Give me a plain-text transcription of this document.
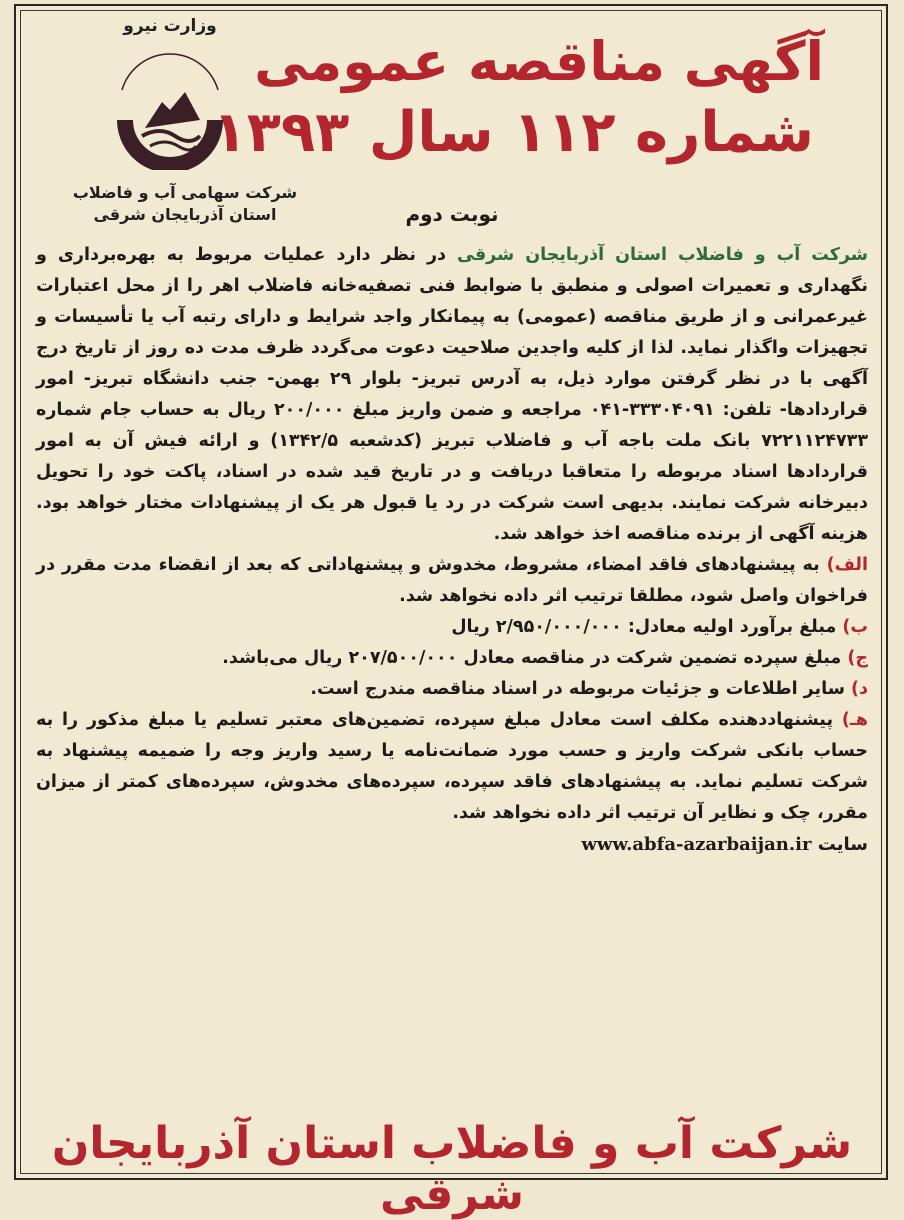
آگهی مناقصه عمومی
شماره ۱۱۲ سال ۱۳۹۳
وزارت نیرو
شرکت سهامی آب و فاضلاب
استان آذربایجان شرقی	نوبت دوم

شرکت آب و فاضلاب استان آذربایجان شرقی در نظر دارد عملیات مربوط به بهره‌برداری و نگهداری و تعمیرات اصولی و منطبق با ضوابط فنی تصفیه‌خانه فاضلاب اهر را از محل اعتبارات غیرعمرانی و از طریق مناقصه (عمومی) به پیمانکار واجد شرایط و دارای رتبه آب یا تأسیسات و تجهیزات واگذار نماید. لذا از کلیه واجدین صلاحیت دعوت می‌گردد ظرف مدت ده روز از تاریخ درج آگهی با در نظر گرفتن موارد ذیل، به آدرس تبریز- بلوار ۲۹ بهمن- جنب دانشگاه تبریز- امور قراردادها- تلفن: ۳۳۳۰۴۰۹۱-۰۴۱ مراجعه و ضمن واریز مبلغ ۲۰۰/۰۰۰ ریال به حساب جام شماره ۷۲۲۱۱۲۴۷۳۳ بانک ملت باجه آب و فاضلاب تبریز (کدشعبه ۱۳۴۲/۵) و ارائه فیش آن به امور قراردادها اسناد مربوطه را متعاقبا دریافت و در تاریخ قید شده در اسناد، پاکت خود را تحویل دبیرخانه شرکت نمایند. بدیهی است شرکت در رد یا قبول هر یک از پیشنهادات مختار خواهد بود. هزینه آگهی از برنده مناقصه اخذ خواهد شد.

الف) به پیشنهادهای فاقد امضاء، مشروط، مخدوش و پیشنهاداتی که بعد از انقضاء مدت مقرر در فراخوان واصل شود، مطلقا ترتیب اثر داده نخواهد شد.

ب) مبلغ برآورد اولیه معادل: ۲/۹۵۰/۰۰۰/۰۰۰ ریال

ج) مبلغ سپرده تضمین شرکت در مناقصه معادل ۲۰۷/۵۰۰/۰۰۰ ریال می‌باشد.

د) سایر اطلاعات و جزئیات مربوطه در اسناد مناقصه مندرج است.

هـ) پیشنهاددهنده مکلف است معادل مبلغ سپرده، تضمین‌های معتبر تسلیم یا مبلغ مذکور را به حساب بانکی شرکت واریز و حسب مورد ضمانت‌نامه یا رسید واریز وجه را ضمیمه پیشنهاد به شرکت تسلیم نماید. به پیشنهادهای فاقد سپرده، سپرده‌های مخدوش، سپرده‌های کمتر از میزان مقرر، چک و نظایر آن ترتیب اثر داده نخواهد شد.

سایت www.abfa-azarbaijan.ir

شرکت آب و فاضلاب استان آذربایجان شرقی
